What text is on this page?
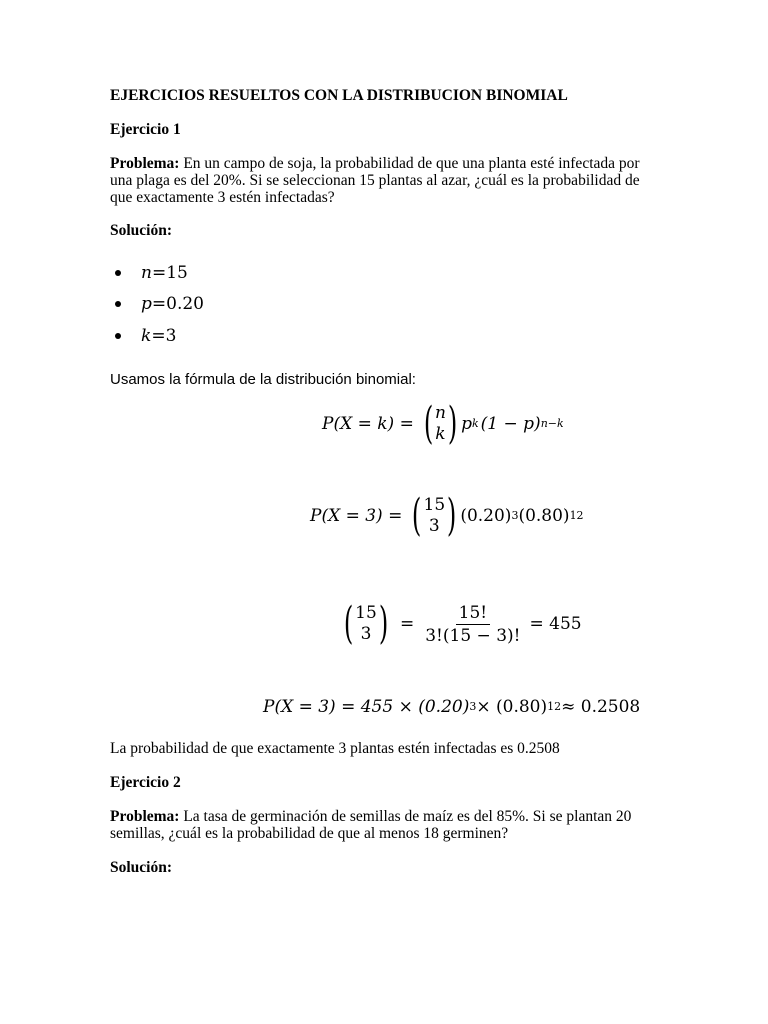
EJERCICIOS RESUELTOS CON LA DISTRIBUCION BINOMIAL
Ejercicio 1
Problema: En un campo de soja, la probabilidad de que una planta esté infectada por una plaga es del 20%. Si se seleccionan 15 plantas al azar, ¿cuál es la probabilidad de que exactamente 3 estén infectadas?
Solución:
n = 15
p = 0.20
k = 3
Usamos la fórmula de la distribución binomial:
P(X = k) = ( n
k ) p k (1 − p) n−k
P(X = 3) = ( 15
3 ) (0.20) 3 (0.80) 12
( 15
3 ) = $\frac{15!}{3!(15 - 3)!} = 455$
P(X = 3) = 455 × (0.20) 3 × (0.80) 12 ≈ 0.2508
La probabilidad de que exactamente 3 plantas estén infectadas es 0.2508
Ejercicio 2
Problema: La tasa de germinación de semillas de maíz es del 85%. Si se plantan 20 semillas, ¿cuál es la probabilidad de que al menos 18 germinen?
Solución:
